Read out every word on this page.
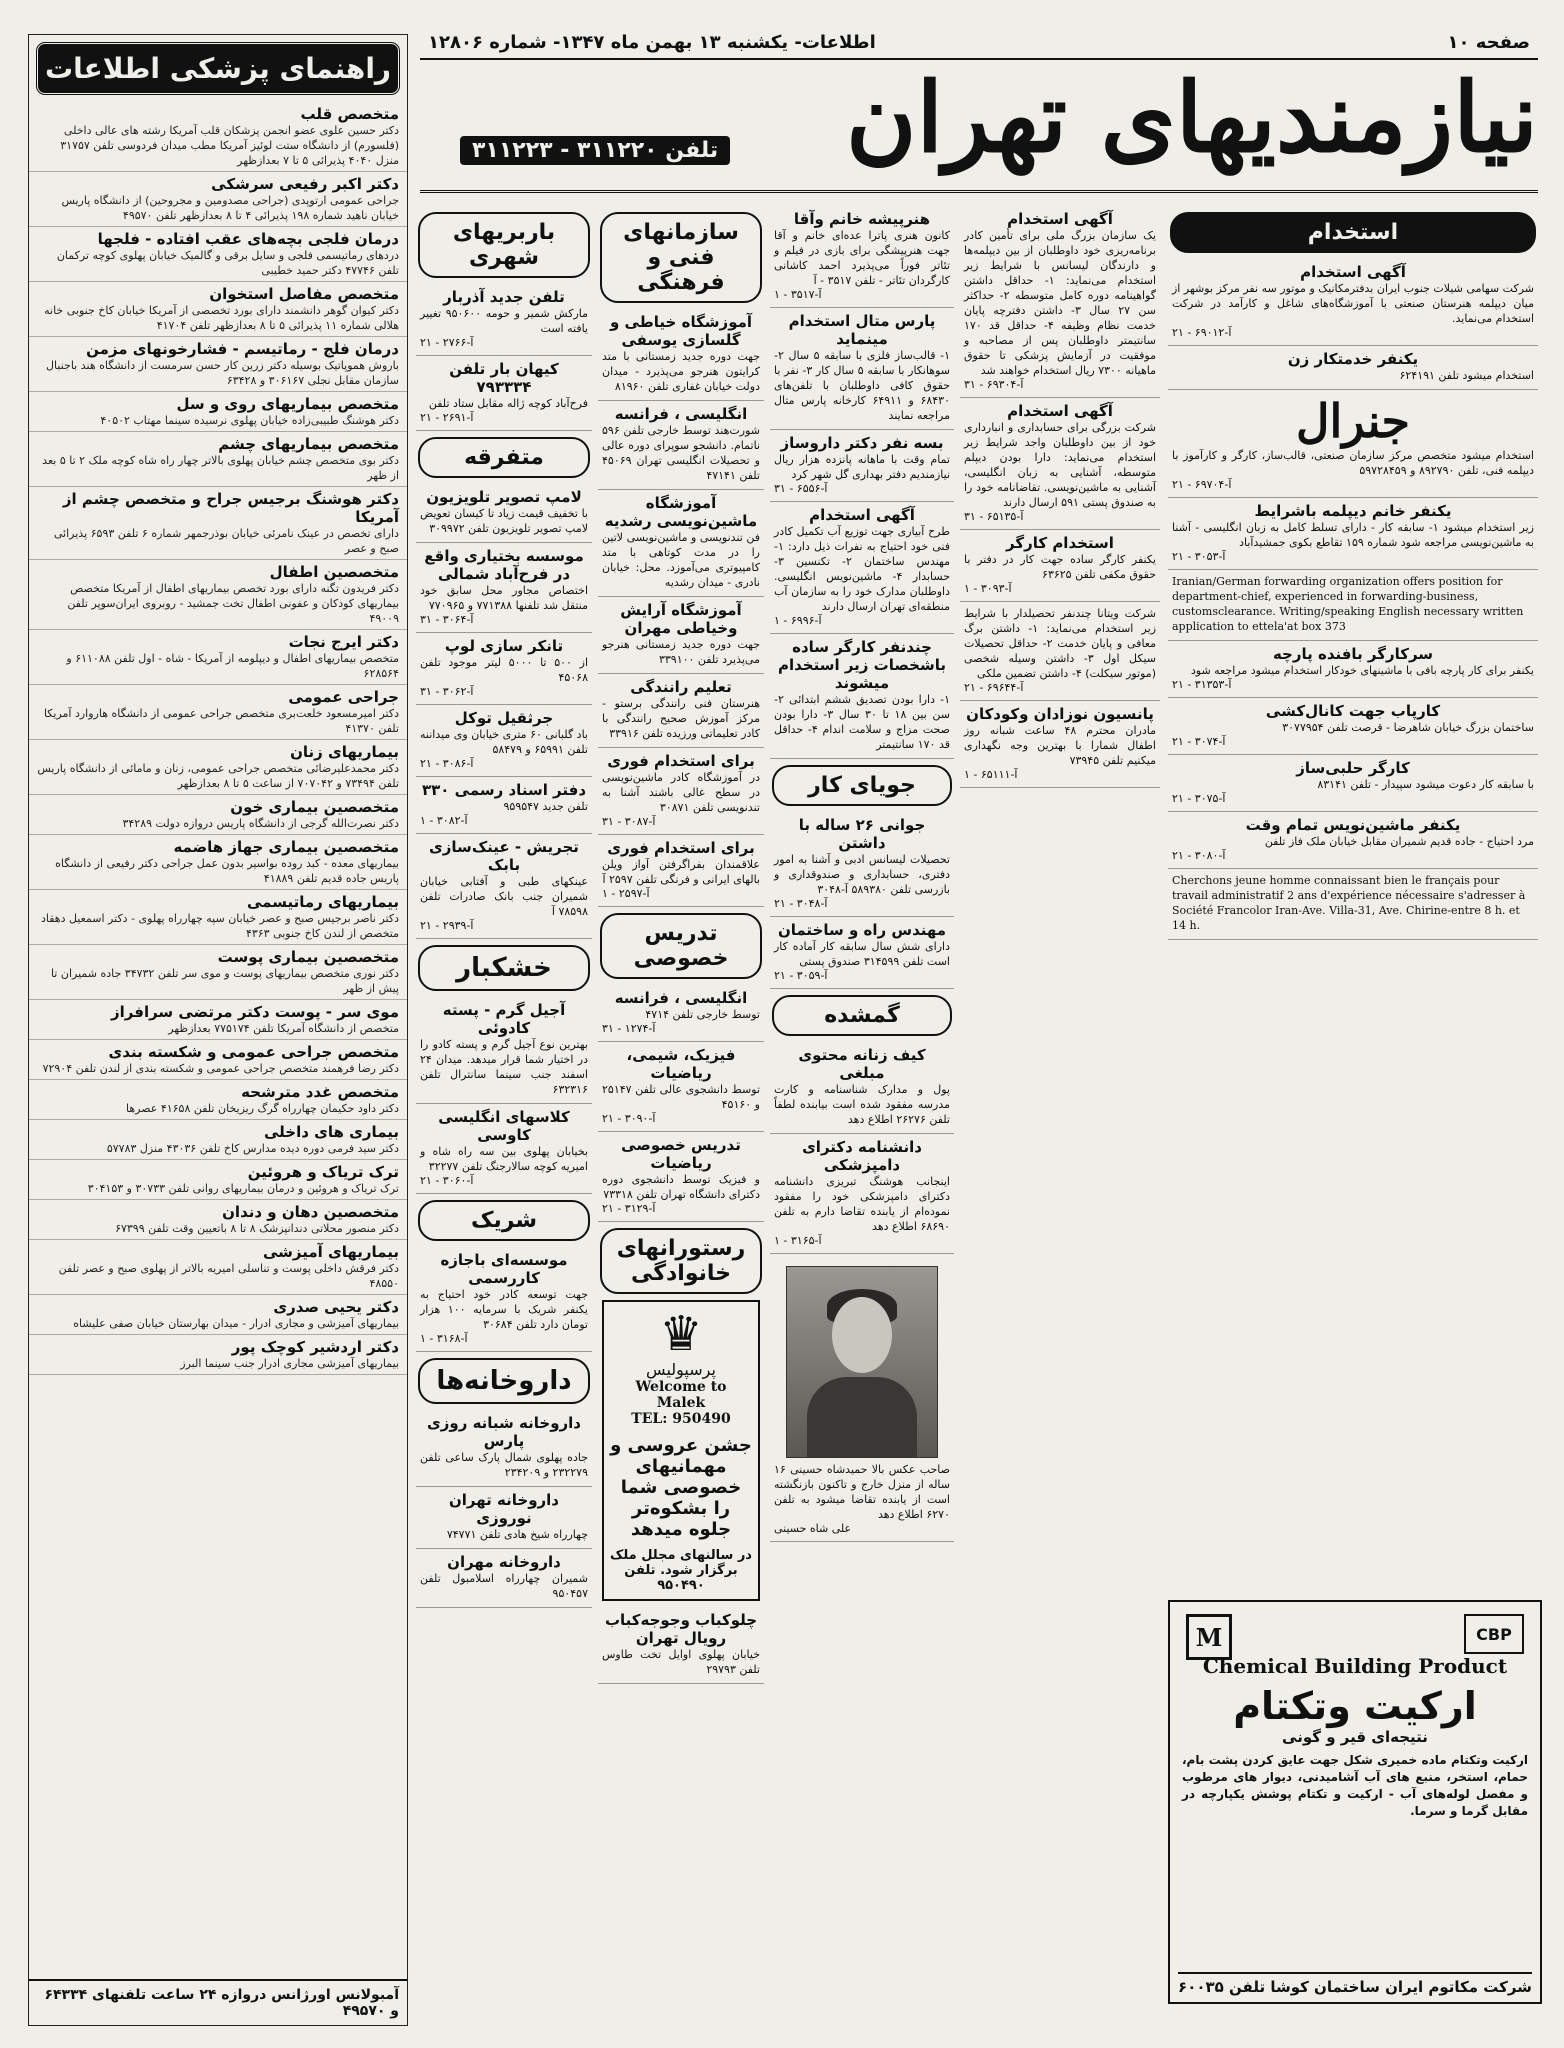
صفحه ۱۰
اطلاعات- یکشنبه ۱۳ بهمن ماه ۱۳۴۷- شماره ۱۲۸۰۶
نیازمندیهای تهران
تلفن ۳۱۱۲۲۰ - ۳۱۱۲۲۳
راهنمای پزشکی اطلاعات
متخصص قلب
دکتر حسین علوی عضو انجمن پزشکان قلب آمریکا رشته های عالی داخلی (فلسورم) از دانشگاه ستت لوئیز آمریکا مطب میدان فردوسی تلفن ۳۱۷۵۷ منزل ۴۰۴۰ پذیرائی ۵ تا ۷ بعدازظهر
دکتر اکبر رفیعی سرشکی
جراحی عمومی ارتوپدی (جراحی مصدومین و مجروحین) از دانشگاه پاریس خیابان ناهید شماره ۱۹۸ پذیرائی ۴ تا ۸ بعدازظهر تلفن ۴۹۵۷۰
درمان فلجی بچه‌های عقب افتاده - فلجها
دردهای رماتیسمی فلجی و سایل برقی و گالمیک خیابان پهلوی کوچه ترکمان تلفن ۴۷۷۴۶ دکتر حمید خطیبی
متخصص مفاصل استخوان
دکتر کیوان گوهر دانشمند دارای بورد تخصصی از آمریکا خیابان کاخ جنوبی خانه هلالی شماره ۱۱ پذیرائی ۵ تا ۸ بعدازظهر تلفن ۴۱۷۰۴
درمان فلج - رماتیسم - فشارخونهای مزمن
باروش هموپاتیک بوسیله دکتر زرین کار حسن سرمست از دانشگاه هند باجنبال سازمان مقابل نجلی ۳۰۶۱۶۷ و ۶۳۴۲۸
متخصص بیماریهای روی و سل
دکتر هوشنگ طبیبی‌زاده خیابان پهلوی نرسیده سینما مهتاب ۴۰۵۰۲
متخصص بیماریهای چشم
دکتر بوی متخصص چشم خیابان پهلوی بالاتر چهار راه شاه کوچه ملک ۲ تا ۵ بعد از ظهر
دکتر هوشنگ برجیس جراح و متخصص چشم از آمریکا
دارای تخصص در عینک نامرئی خیابان بوذرجمهر شماره ۶ تلفن ۶۵۹۳ پذیرائی صبح و عصر
متخصصین اطفال
دکتر فریدون تگنه دارای بورد تخصص بیماریهای اطفال از آمریکا متخصص بیماریهای کودکان و عفونی اطفال تخت جمشید - روبروی ایران‌سوپر تلفن ۴۹۰۰۹
دکتر ایرج نجات
متخصص بیماریهای اطفال و دیپلومه از آمریکا - شاه - اول تلفن ۶۱۱۰۸۸ و ۶۲۸۵۶۴
جراحی عمومی
دکتر امیرمسعود خلعت‌بری متخصص جراحی عمومی از دانشگاه هاروارد آمریکا تلفن ۴۱۳۷۰
بیماریهای زنان
دکتر محمدعلیرضائی متخصص جراحی عمومی، زنان و مامائی از دانشگاه پاریس تلفن ۷۳۴۹۴ و ۷۰۷۰۴۲ از ساعت ۵ تا ۸ بعدازظهر
متخصصین بیماری خون
دکتر نصرت‌الله گرجی از دانشگاه پاریس دروازه دولت ۳۴۲۸۹
متخصصین بیماری جهاز هاضمه
بیماریهای معده - کبد روده بواسیر بدون عمل جراحی دکتر رفیعی از دانشگاه پاریس جاده قدیم تلفن ۴۱۸۸۹
بیماریهای رماتیسمی
دکتر ناصر برجیس صبح و عصر خیابان سپه چهارراه پهلوی - دکتر اسمعیل دهقاد متخصص از لندن کاخ جنوبی ۴۳۶۳
متخصصین بیماری پوست
دکتر نوری متخصص بیماریهای پوست و موی سر تلفن ۳۴۷۳۲ جاده شمیران تا پیش از ظهر
موی سر - پوست دکتر مرتضی سرافراز
متخصص از دانشگاه آمریکا تلفن ۷۷۵۱۷۴ بعدازظهر
متخصص جراحی عمومی و شکسته بندی
دکتر رضا فرهمند متخصص جراحی عمومی و شکسته بندی از لندن تلفن ۷۲۹۰۴
متخصص غدد مترشحه
دکتر داود حکیمان چهارراه گرگ ریزیخان تلفن ۴۱۶۵۸ عصرها
بیماری های داخلی
دکتر سید فرمی دوره دیده مدارس کاخ تلفن ۴۳۰۳۶ منزل ۵۷۷۸۳
ترک تریاک و هروئین
ترک تریاک و هروئین و درمان بیماریهای روانی تلفن ۳۰۷۳۳ و ۳۰۴۱۵۳
متخصصین دهان و دندان
دکتر منصور محلاتی دندانپزشک ۸ تا ۸ باتعیین وقت تلفن ۶۷۳۹۹
بیماریهای آمیزشی
دکتر فرقش داخلی پوست و تناسلی امیریه بالاتر از پهلوی صبح و عصر تلفن ۴۸۵۵۰
دکتر یحیی صدری
بیماریهای آمیزشی و مجاری ادرار - میدان بهارستان خیابان صفی علیشاه
دکتر اردشیر کوچک پور
بیماریهای آمیزشی مجاری ادرار جنب سینما البرز
آمبولانس اورژانس دروازه ۲۴ ساعت تلفنهای ۶۴۳۳۴ و ۴۹۵۷۰
استخدام
آگهی استخدام
شرکت سهامی شیلات جنوب ایران بدفترمکانیک و موتور سه نفر مرکز بوشهر از میان دیپلمه هنرستان صنعتی با آموزشگاه‌های شاغل و کارآمد در شرکت استخدام می‌نماید.
آ-۶۹۰۱۲ - ۲۱
یکنفر خدمتکار زن
استخدام میشود تلفن ۶۲۴۱۹۱
جنرال
استخدام میشود متخصص مرکز سازمان صنعتی، قالب‌ساز، کارگر و کارآموز با دیپلمه فنی، تلفن ۸۹۲۷۹۰ و ۵۹۷۲۸۴۵۹
آ-۶۹۷۰۴ - ۲۱
یکنفر خانم دیپلمه باشرایط
زیر استخدام میشود ۱- سابقه کار - دارای تسلط کامل به زبان انگلیسی - آشنا به ماشین‌نویسی مراجعه شود شماره ۱۵۹ تقاطع بکوی جمشیدآباد
آ-۳۰۵۳ - ۲۱
Iranian/German forwarding organization offers position for department-chief, experienced in forwarding-business, customsclearance. Writing/speaking English necessary written application to ettela'at box 373
سرکارگر بافنده پارچه
یکنفر برای کار پارچه بافی با ماشینهای خودکار استخدام میشود مراجعه شود
آ-۳۱۳۵۳ - ۲۱
کارپاب جهت کانال‌کشی
ساختمان بزرگ خیابان شاهرضا - قرصت تلفن ۳۰۷۷۹۵۴
آ-۳۰۷۴ - ۲۱
کارگر حلبی‌ساز
با سابقه کار دعوت میشود سپیدار - تلفن ۸۳۱۴۱
آ-۳۰۷۵ - ۲۱
یکنفر ماشین‌نویس تمام وقت
مرد احتیاج - جاده قدیم شمیران مقابل خیابان ملک فاز تلفن
آ-۳۰۸۰ - ۲۱
Cherchons jeune homme connaissant bien le français pour travail administratif 2 ans d'expérience nécessaire s'adresser à Société Francolor Iran-Ave. Villa-31, Ave. Chirine-entre 8 h. et 14 h.
آگهی استخدام
یک سازمان بزرگ ملی برای تأمین کادر برنامه‌ریزی خود داوطلبان از بین دیپلمه‌ها و دارندگان لیسانس با شرایط زیر استخدام می‌نماید: ۱- حداقل داشتن گواهینامه دوره کامل متوسطه ۲- حداکثر سن ۲۷ سال ۳- داشتن دفترچه پایان خدمت نظام وظیفه ۴- حداقل قد ۱۷۰ سانتیمتر داوطلبان پس از مصاحبه و موفقیت در آزمایش پزشکی تا حقوق ماهیانه ۷۳۰۰ ریال استخدام خواهند شد
آ-۶۹۳۰۴ - ۳۱
آگهی استخدام
شرکت بزرگی برای حسابداری و انبارداری خود از بین داوطلبان واجد شرایط زیر استخدام می‌نماید: دارا بودن دیپلم متوسطه، آشنایی به زبان انگلیسی، آشنایی به ماشین‌نویسی. تقاضانامه خود را به صندوق پستی ۵۹۱ ارسال دارند
آ-۶۵۱۳۵ - ۳۱
استخدام کارگر
یکنفر کارگر ساده جهت کار در دفتر با حقوق مکفی تلفن ۶۳۶۲۵
آ-۳۰۹۳ - ۱
شرکت ویتانا چندنفر تحصیلدار با شرایط زیر استخدام می‌نماید: ۱- داشتن برگ معافی و پایان خدمت ۲- حداقل تحصیلات سیکل اول ۳- داشتن وسیله شخصی (موتور سیکلت) ۴- داشتن تضمین ملکی
آ-۶۹۶۴۴ - ۲۱
پانسیون نوزادان وکودکان
مادران محترم ۴۸ ساعت شبانه روز اطفال شمارا با بهترین وجه نگهداری میکنیم تلفن ۷۳۹۴۵
آ-۶۵۱۱۱ - ۱
هنرپیشه خانم وآقا
کانون هنری پاترا عده‌ای خانم و آقا جهت هنرپیشگی برای بازی در فیلم و تئاتر فوراً می‌پذیرد احمد کاشانی کارگردان تئاتر - تلفن ۳۵۱۷ - آ
آ-۳۵۱۷ - ۱
پارس متال استخدام مینماید
۱- قالب‌ساز فلزی با سابقه ۵ سال ۲- سوهانکار با سابقه ۵ سال کار ۳- نفر با حقوق کافی داوطلبان با تلفن‌های ۶۸۴۳۰ و ۶۴۹۱۱ کارخانه پارس متال مراجعه نمایند
بسه نفر دکتر داروساز
تمام وقت با ماهانه پانزده هزار ریال نیازمندیم دفتر بهداری گل شهر کرد
آ-۶۵۵۶ - ۳۱
آگهی استخدام
طرح آبیاری جهت توزیع آب تکمیل کادر فنی خود احتیاج به نفرات ذیل دارد: ۱- مهندس ساختمان ۲- تکنسین ۳- حسابدار ۴- ماشین‌نویس انگلیسی. داوطلبان مدارک خود را به سازمان آب منطقه‌ای تهران ارسال دارند
آ-۶۹۹۶ - ۱
چندنفر کارگر ساده باشخصات زیر استخدام میشوند
۱- دارا بودن تصدیق ششم ابتدائی ۲- سن بین ۱۸ تا ۳۰ سال ۳- دارا بودن صحت مزاج و سلامت اندام ۴- حداقل قد ۱۷۰ سانتیمتر
جویای کار
جوانی ۲۶ ساله با داشتن
تحصیلات لیسانس ادبی و آشنا به امور دفتری، حسابداری و صندوقداری و بازرسی تلفن ۵۸۹۳۸۰ آ-۳۰۴۸
آ-۳۰۴۸ - ۲۱
مهندس راه و ساختمان
دارای شش سال سابقه کار آماده کار است تلفن ۳۱۴۵۹۹ صندوق پستی
آ-۳۰۵۹ - ۲۱
گمشده
کیف زنانه محتوی مبلغی
پول و مدارک شناسنامه و کارت مدرسه مفقود شده است بیابنده لطفاً تلفن ۲۶۲۷۶ اطلاع دهد
دانشنامه دکترای دامپزشکی
اینجانب هوشنگ تبریزی دانشنامه دکترای دامپزشکی خود را مفقود نموده‌ام از یابنده تقاضا دارم به تلفن ۶۸۶۹۰ اطلاع دهد
آ-۳۱۶۵ - ۱
صاحب عکس بالا حمیدشاه حسینی ۱۶ ساله از منزل خارج و تاکنون بازنگشته است از یابنده تقاضا میشود به تلفن ۶۲۷۰ اطلاع دهد
علی شاه حسینی
سازمانهای فنی و فرهنگی
آموزشگاه خیاطی و گلسازی یوسفی
جهت دوره جدید زمستانی با متد کرایتون هنرجو می‌پذیرد - میدان دولت خیابان غفاری تلفن ۸۱۹۶۰
انگلیسی ، فرانسه
شورت‌هند توسط خارجی تلفن ۵۹۶ ناتمام. دانشجو سوپرای دوره عالی و تحصیلات انگلیسی تهران ۴۵۰۶۹ تلفن ۴۷۱۴۱
آموزشگاه ماشین‌نویسی رشدیه
فن تندنویسی و ماشین‌نویسی لاتین را در مدت کوتاهی با متد کامپیوتری می‌آموزد. محل: خیابان نادری - میدان رشدیه
آموزشگاه آرایش وخیاطی مهران
جهت دوره جدید زمستانی هنرجو می‌پذیرد تلفن ۳۳۹۱۰۰
تعلیم رانندگی
هنرستان فنی رانندگی برستو - مرکز آموزش صحیح رانندگی با کادر تعلیماتی ورزیده تلفن ۳۳۹۱۶
برای استخدام فوری
در آموزشگاه کادر ماشین‌نویسی در سطح عالی باشند آشنا به تندنویسی تلفن ۳۰۸۷۱
آ-۳۰۸۷ - ۳۱
برای استخدام فوری
علاقمندان بفراگرفتن آواز ویلن بالهای ایرانی و فرنگی تلفن ۲۵۹۷ آ
آ-۲۵۹۷ - ۱
تدریس خصوصی
انگلیسی ، فرانسه
توسط خارجی تلفن ۴۷۱۴
آ-۱۲۷۴ - ۳۱
فیزیک، شیمی، ریاضیات
توسط دانشجوی عالی تلفن ۲۵۱۴۷ و ۴۵۱۶۰
آ-۳۰۹۰ - ۲۱
تدریس خصوصی ریاضیات
و فیزیک توسط دانشجوی دوره دکترای دانشگاه تهران تلفن ۷۳۳۱۸
آ-۳۱۲۹ - ۲۱
رستورانهای خانوادگی
♛
پرسپولیس
Welcome to Malek
TEL: 950490
جشن عروسی و مهمانیهای خصوصی شما را بشکوه‌تر جلوه میدهد
در سالنهای مجلل ملک برگزار شود. تلفن ۹۵۰۴۹۰
چلوکباب وجوجه‌کباب رویال تهران
خیابان پهلوی اوایل تخت طاوس تلفن ۲۹۷۹۳
باربریهای شهری
تلفن جدید آذربار
مارکش شمیر و حومه ۹۵۰۶۰۰ تغییر یافته است
آ-۲۷۶۶ - ۲۱
کیهان بار تلفن ۷۹۳۳۳۴
فرح‌آباد کوچه ژاله مقابل ستاد تلفن
آ-۲۶۹۱ - ۲۱
متفرقه
لامپ تصویر تلویزیون
با تخفیف قیمت زیاد تا کیسان تعویض لامپ تصویر تلویزیون تلفن ۳۰۹۹۷۲
موسسه بختیاری واقع در فرح‌آباد شمالی
اختصاص مجاور محل سابق خود منتقل شد تلفنها ۷۷۱۳۸۸ و ۷۷۰۹۶۵
آ-۳۰۶۴ - ۳۱
تانکر سازی لوپ
از ۵۰۰ تا ۵۰۰۰ لیتر موجود تلفن ۴۵۰۶۸
آ-۳۰۶۲ - ۳۱
جرثقیل توکل
باد گلبانی ۶۰ متری خیابان وی میداننه تلفن ۶۵۹۹۱ و ۵۸۴۷۹
آ-۳۰۸۶ - ۲۱
دفتر اسناد رسمی ۳۳۰
تلفن جدید ۹۵۹۵۴۷
آ-۳۰۸۲ - ۱
تجریش - عینک‌سازی بابک
عینکهای طبی و آفتابی خیابان شمیران جنب بانک صادرات تلفن ۷۸۵۹۸ آ
آ-۲۹۳۹ - ۲۱
خشکبار
آجیل گرم - پسته کادوئی
بهترین نوع آجیل گرم و پسته کادو را در اختیار شما قرار میدهد. میدان ۲۴ اسفند جنب سینما سانترال تلفن ۶۳۲۳۱۶
کلاسهای انگلیسی کاوسی
بخیابان پهلوی بین سه راه شاه و امیریه کوچه سالارجنگ تلفن ۳۲۲۷۷
آ-۳۰۶۰ - ۲۱
شریک
موسسه‌ای باجازه کاررسمی
جهت توسعه کادر خود احتیاج به یکنفر شریک با سرمایه ۱۰۰ هزار تومان دارد تلفن ۳۰۶۸۴
آ-۳۱۶۸ - ۱
داروخانه‌ها
داروخانه شبانه روزی پارس
جاده پهلوی شمال پارک ساعی تلفن ۲۳۲۲۷۹ و ۲۳۴۲۰۹
داروخانه تهران نوروزی
چهارراه شیخ هادی تلفن ۷۴۷۷۱
داروخانه مهران
شمیران چهارراه اسلامبول تلفن ۹۵۰۴۵۷
M	CBP
Chemical Building Product
ارکیت وتکتام
نتیجه‌ای قیر و گونی
ارکیت وتکتام ماده خمیری شکل جهت عایق کردن پشت بام، حمام، استخر، منبع های آب آشامیدنی، دیوار های مرطوب و مفصل لوله‌های آب - ارکیت و تکتام پوشش یکپارچه در مقابل گرما و سرما.
شرکت مکاتوم ایران ساختمان کوشا تلفن ۶۰۰۳۵
